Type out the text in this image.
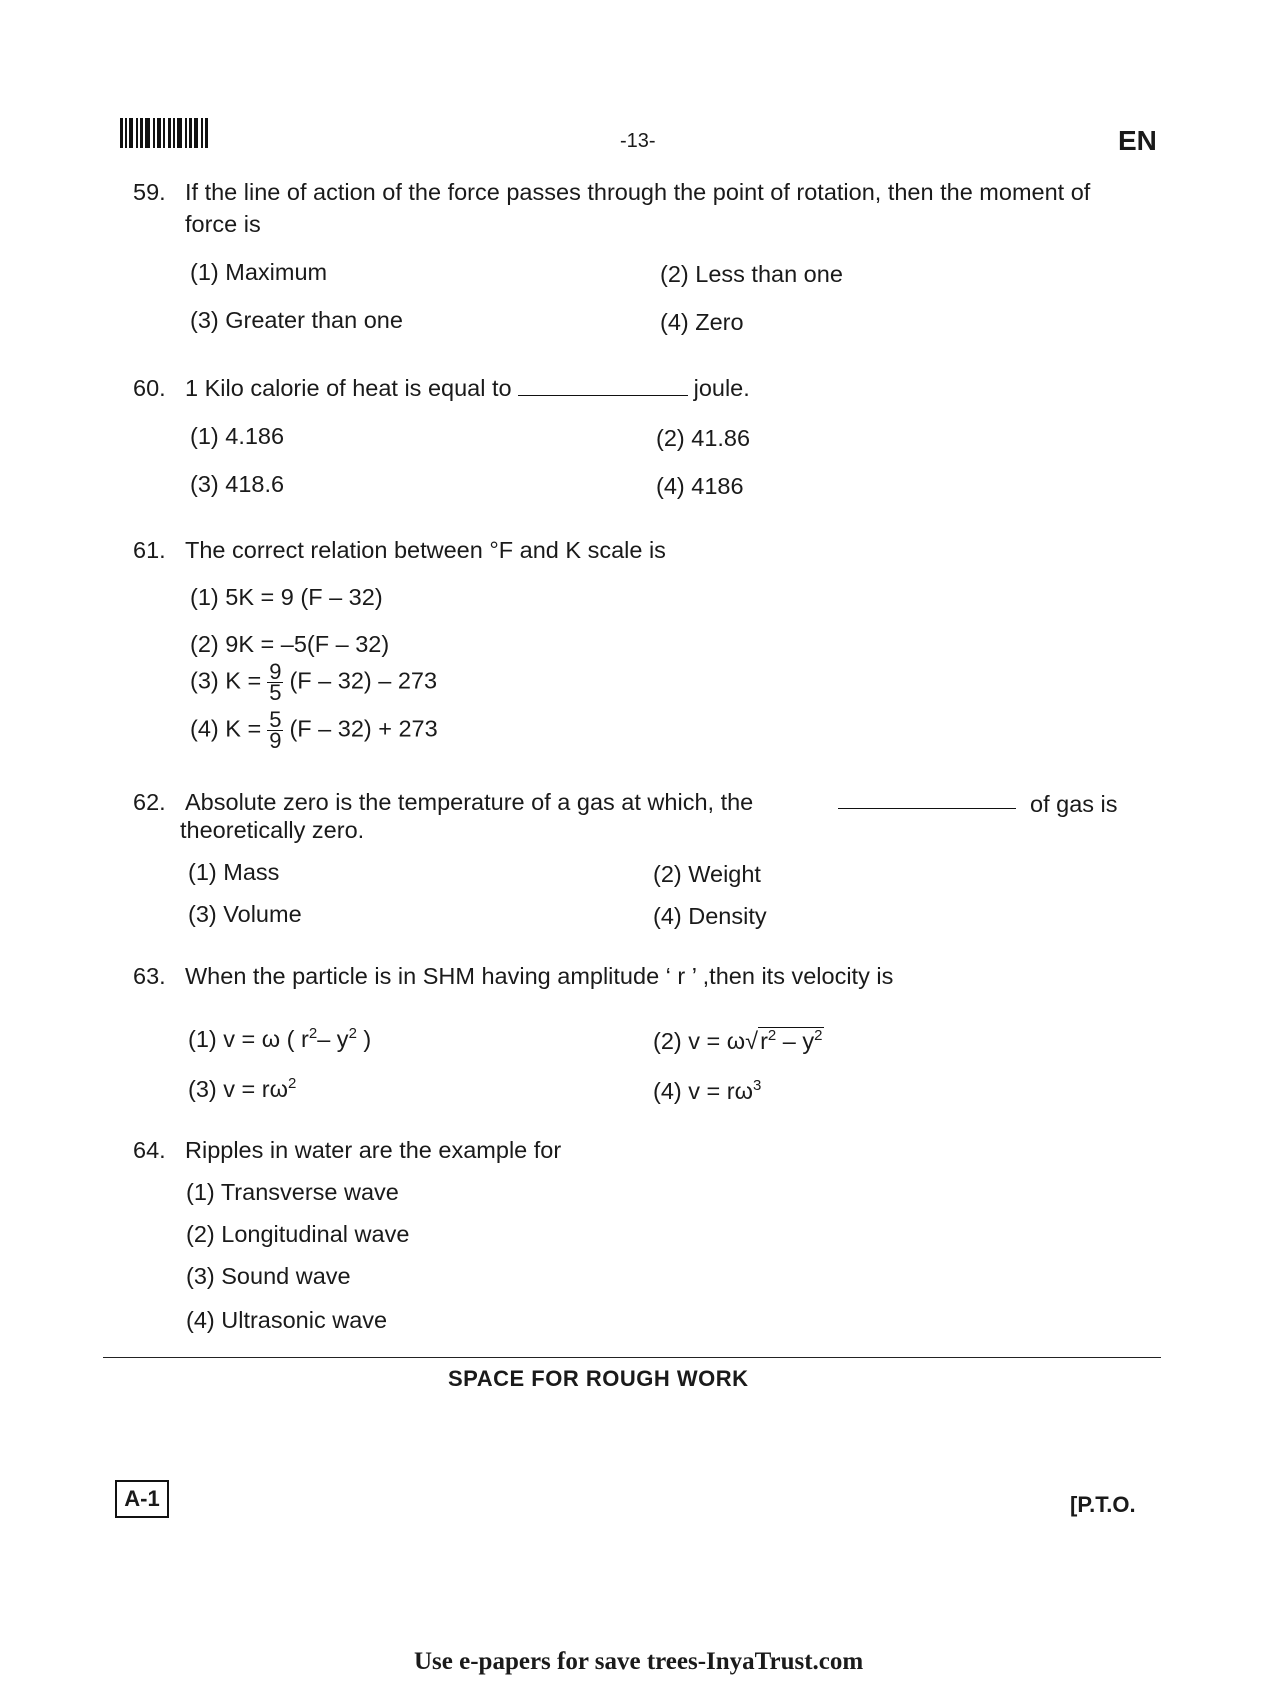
-13-	EN
59. If the line of action of the force passes through the point of rotation, then the moment of
force is
(1) Maximum	(2) Less than one
(3) Greater than one	(4) Zero
60. 1 Kilo calorie of heat is equal to	joule.
(1) 4.186	(2) 41.86
(3) 418.6	(4) 4186
61. The correct relation between °F and K scale is
(1) 5K = 9 (F – 32)
(2) 9K = –5(F – 32)
(3) $K = \frac{9}{5} (F - 32) - 273$
(4) $K = \frac{5}{9} (F - 32) + 273$
62. Absolute zero is the temperature of a gas at which, the	of gas is
theoretically zero.
(1) Mass	(2) Weight
(3) Volume	(4) Density
63. When the particle is in SHM having amplitude ‘ r ’ ,then its velocity is
(1) v = ω ( $r^2-$ $y^2$ )	(2) $v = \omega√r^2 - y^2$
(3) $v = r\omega^2$	(4) $v = r\omega^3$
64. Ripples in water are the example for
(1) Transverse wave
(2) Longitudinal wave
(3) Sound wave
(4) Ultrasonic wave
SPACE FOR ROUGH WORK
A-1	[P.T.O.
Use e-papers for save trees-InyaTrust.com
